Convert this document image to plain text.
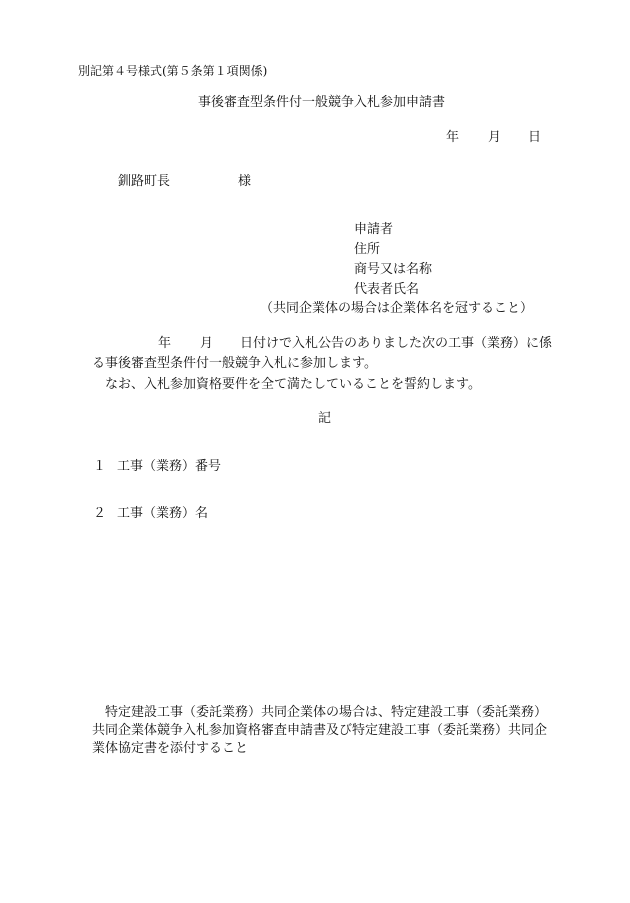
別記第４号様式(第５条第１項関係)
事後審査型条件付一般競争入札参加申請書
年 月 日
釧路町長	様
申請者
住所
商号又は名称
代表者氏名
（共同企業体の場合は企業体名を冠すること）
年 月 日付けで入札公告のありました次の工事（業務）に係
る事後審査型条件付一般競争入札に参加します。
なお、入札参加資格要件を全て満たしていることを誓約します。
記
１ 工事（業務）番号
２ 工事（業務）名
特定建設工事（委託業務）共同企業体の場合は、特定建設工事（委託業務）
共同企業体競争入札参加資格審査申請書及び特定建設工事（委託業務）共同企
業体協定書を添付すること
